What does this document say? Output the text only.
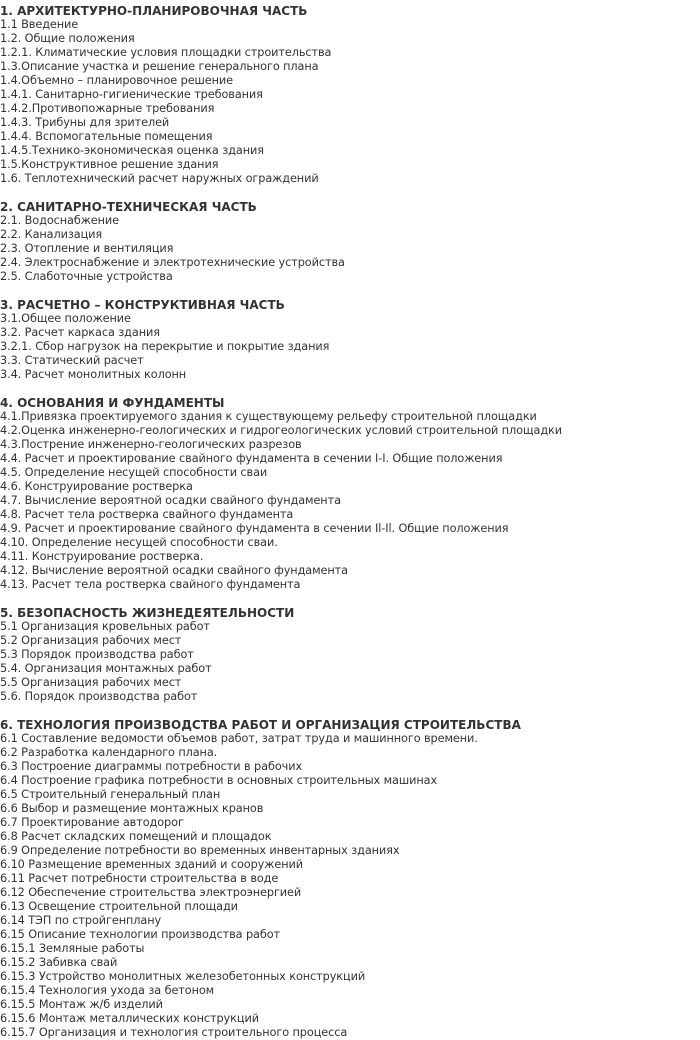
1. АРХИТЕКТУРНО-ПЛАНИРОВОЧНАЯ ЧАСТЬ
1.1 Введение
1.2. Общие положения
1.2.1. Климатические условия площадки строительства
1.3.Описание участка и решение генерального плана
1.4.Объемно – планировочное решение
1.4.1. Санитарно-гигиенические требования
1.4.2.Противопожарные требования
1.4.3. Трибуны для зрителей
1.4.4. Вспомогательные помещения
1.4.5.Технико-экономическая оценка здания
1.5.Конструктивное решение здания
1.6. Теплотехнический расчет наружных ограждений
2. САНИТАРНО-ТЕХНИЧЕСКАЯ ЧАСТЬ
2.1. Водоснабжение
2.2. Канализация
2.3. Отопление и вентиляция
2.4. Электроснабжение и электротехнические устройства
2.5. Слаботочные устройства
3. РАСЧЕТНО – КОНСТРУКТИВНАЯ ЧАСТЬ
3.1.Общее положение
3.2. Расчет каркаса здания
3.2.1. Сбор нагрузок на перекрытие и покрытие здания
3.3. Статический расчет
3.4. Расчет монолитных колонн
4. ОСНОВАНИЯ И ФУНДАМЕНТЫ
4.1.Привязка проектируемого здания к существующему рельефу строительной площадки
4.2.Оценка инженерно-геологических и гидрогеологических условий строительной площадки
4.3.Пострение инженерно-геологических разрезов
4.4. Расчет и проектирование свайного фундамента в сечении I-I. Общие положения
4.5. Определение несущей способности сваи
4.6. Конструирование ростверка
4.7. Вычисление вероятной осадки свайного фундамента
4.8. Расчет тела ростверка свайного фундамента
4.9. Расчет и проектирование свайного фундамента в сечении Il-Il. Общие положения
4.10. Определение несущей способности сваи.
4.11. Конструирование ростверка.
4.12. Вычисление вероятной осадки свайного фундамента
4.13. Расчет тела ростверка свайного фундамента
5. БЕЗОПАСНОСТЬ ЖИЗНЕДЕЯТЕЛЬНОСТИ
5.1 Организация кровельных работ
5.2 Организация рабочих мест
5.3 Порядок производства работ
5.4. Организация монтажных работ
5.5 Организация рабочих мест
5.6. Порядок производства работ
6. ТЕХНОЛОГИЯ ПРОИЗВОДСТВА РАБОТ И ОРГАНИЗАЦИЯ СТРОИТЕЛЬСТВА
6.1 Составление ведомости объемов работ, затрат труда и машинного времени.
6.2 Разработка календарного плана.
6.3 Построение диаграммы потребности в рабочих
6.4 Построение графика потребности в основных строительных машинах
6.5 Строительный генеральный план
6.6 Выбор и размещение монтажных кранов
6.7 Проектирование автодорог
6.8 Расчет складских помещений и площадок
6.9 Определение потребности во временных инвентарных зданиях
6.10 Размещение временных зданий и сооружений
6.11 Расчет потребности строительства в воде
6.12 Обеспечение строительства электроэнергией
6.13 Освещение строительной площади
6.14 ТЭП по стройгенплану
6.15 Описание технологии производства работ
6.15.1 Земляные работы
6.15.2 Забивка свай
6.15.3 Устройство монолитных железобетонных конструкций
6.15.4 Технология ухода за бетоном
6.15.5 Монтаж ж/б изделий
6.15.6 Монтаж металлических конструкций
6.15.7 Организация и технология строительного процесса
